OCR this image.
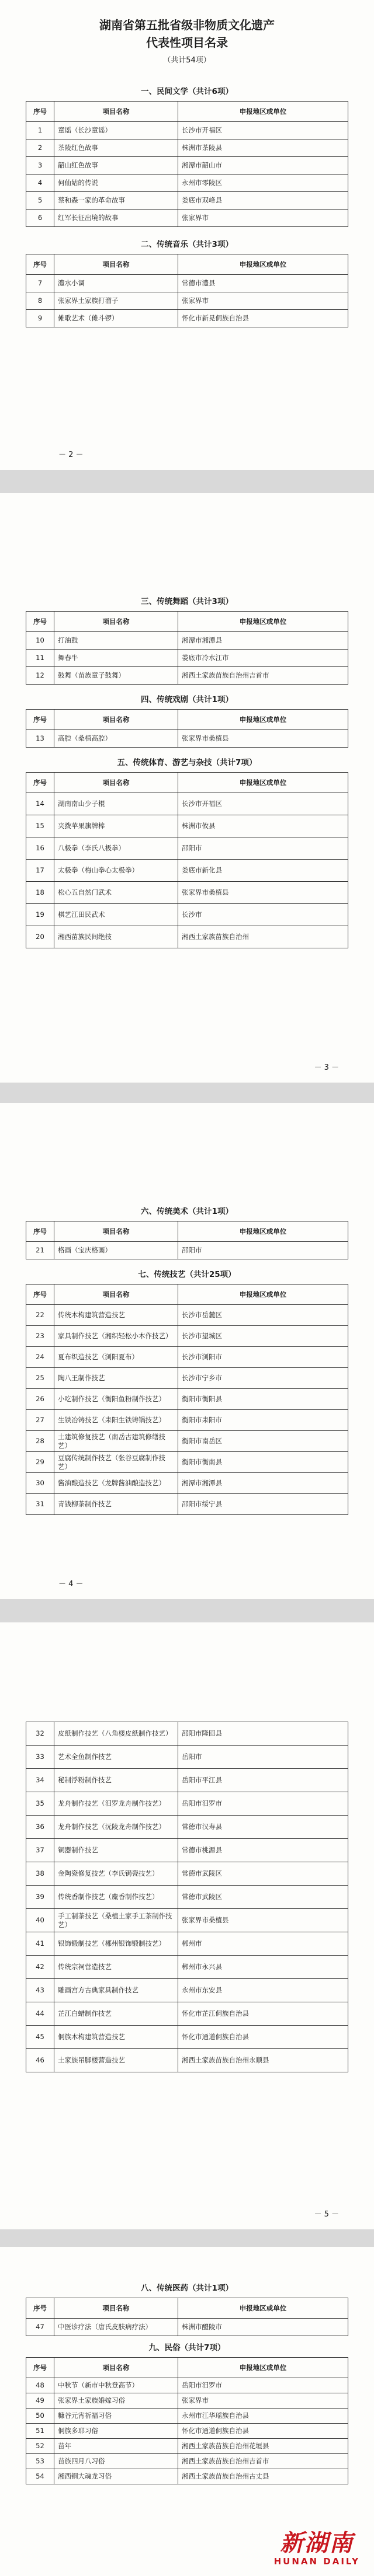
湖南省第五批省级非物质文化遗产
代表性项目名录
（共计54项）
一、民间文学（共计6项）
序号	项目名称	申报地区或单位
1	童谣（长沙童谣）	长沙市开福区
2	茶陵红色故事	株洲市茶陵县
3	韶山红色故事	湘潭市韶山市
4	何仙姑的传说	永州市零陵区
5	蔡和森一家的革命故事	娄底市双峰县
6	红军长征出境的故事	张家界市
二、传统音乐（共计3项）
序号	项目名称	申报地区或单位
7	澧水小调	常德市澧县
8	张家界土家族打溜子	张家界市
9	傩歌艺术（傩斗锣）	怀化市新晃侗族自治县
－ 2 －
三、传统舞蹈（共计3项）
序号	项目名称	申报地区或单位
10	打油鼓	湘潭市湘潭县
11	舞春牛	娄底市冷水江市
12	鼓舞（苗族童子鼓舞）	湘西土家族苗族自治州吉首市
四、传统戏剧（共计1项）
序号	项目名称	申报地区或单位
13	高腔（桑植高腔）	张家界市桑植县
五、传统体育、游艺与杂技（共计7项）
序号	项目名称	申报地区或单位
14	湖南南山少子棍	长沙市开福区
15	夹拨苹果旗牌棒	株洲市攸县
16	八极拳（李氏八极拳）	邵阳市
17	太极拳（梅山拳心太极拳）	娄底市新化县
18	松心五自然门武术	张家界市桑植县
19	棋艺江田民武术	长沙市
20	湘西苗族民间绝技	湘西土家族苗族自治州
－ 3 －
六、传统美术（共计1项）
序号	项目名称	申报地区或单位
21	格画（宝庆格画）	邵阳市
七、传统技艺（共计25项）
序号	项目名称	申报地区或单位
22	传统木构建筑营造技艺	长沙市岳麓区
23	家具制作技艺（湘织轻松小木作技艺）	长沙市望城区
24	夏布织造技艺（浏阳夏布）	长沙市浏阳市
25	陶八王制作技艺	长沙市宁乡市
26	小吃制作技艺（衡阳鱼粉制作技艺）	衡阳市衡阳县
27	生铁冶铸技艺（耒阳生铁铸锅技艺）	衡阳市耒阳市
28	土建筑修复技艺（南岳古建筑修缮技艺）	衡阳市南岳区
29	豆腐传统制作技艺（张谷豆腐制作技艺）	衡阳市衡南县
30	酱油酿造技艺（龙牌酱油酿造技艺）	湘潭市湘潭县
31	青钱柳茶制作技艺	邵阳市绥宁县
－ 4 －
32	皮纸制作技艺（八角楼皮纸制作技艺）	邵阳市隆回县
33	艺术全鱼制作技艺	岳阳市
34	秘制浮粉制作技艺	岳阳市平江县
35	龙舟制作技艺（汨罗龙舟制作技艺）	岳阳市汨罗市
36	龙舟制作技艺（沅陵龙舟制作技艺）	常德市汉寿县
37	铜器制作技艺	常德市桃源县
38	金陶瓷修复技艺（李氏锔瓷技艺）	常德市武陵区
39	传统香制作技艺（麋香制作技艺）	常德市武陵区
40	手工制茶技艺（桑植土家手工茶制作技艺）	张家界市桑植县
41	银饰锻制技艺（郴州银饰锻制技艺）	郴州市
42	传统宗祠营造技艺	郴州市永兴县
43	雕画宫方古典家具制作技艺	永州市东安县
44	芷江白蜡制作技艺	怀化市芷江侗族自治县
45	侗族木构建筑营造技艺	怀化市通道侗族自治县
46	土家族吊脚楼营造技艺	湘西土家族苗族自治州永顺县
－ 5 －
八、传统医药（共计1项）
序号	项目名称	申报地区或单位
47	中医诊疗法（唐氏皮肤病疗法）	株洲市醴陵市
九、民俗（共计7项）
序号	项目名称	申报地区或单位
48	中秋节（新市中秋登高节）	岳阳市汨罗市
49	张家界土家族婚嫁习俗	张家界市
50	糠谷元宵祈福习俗	永州市江华瑶族自治县
51	侗族多耶习俗	怀化市通道侗族自治县
52	苗年	湘西土家族苗族自治州花垣县
53	苗族四月八习俗	湘西土家族苗族自治州吉首市
54	湘西铜大魂龙习俗	湘西土家族苗族自治州古丈县
新湖南
HUNAN DAILY
